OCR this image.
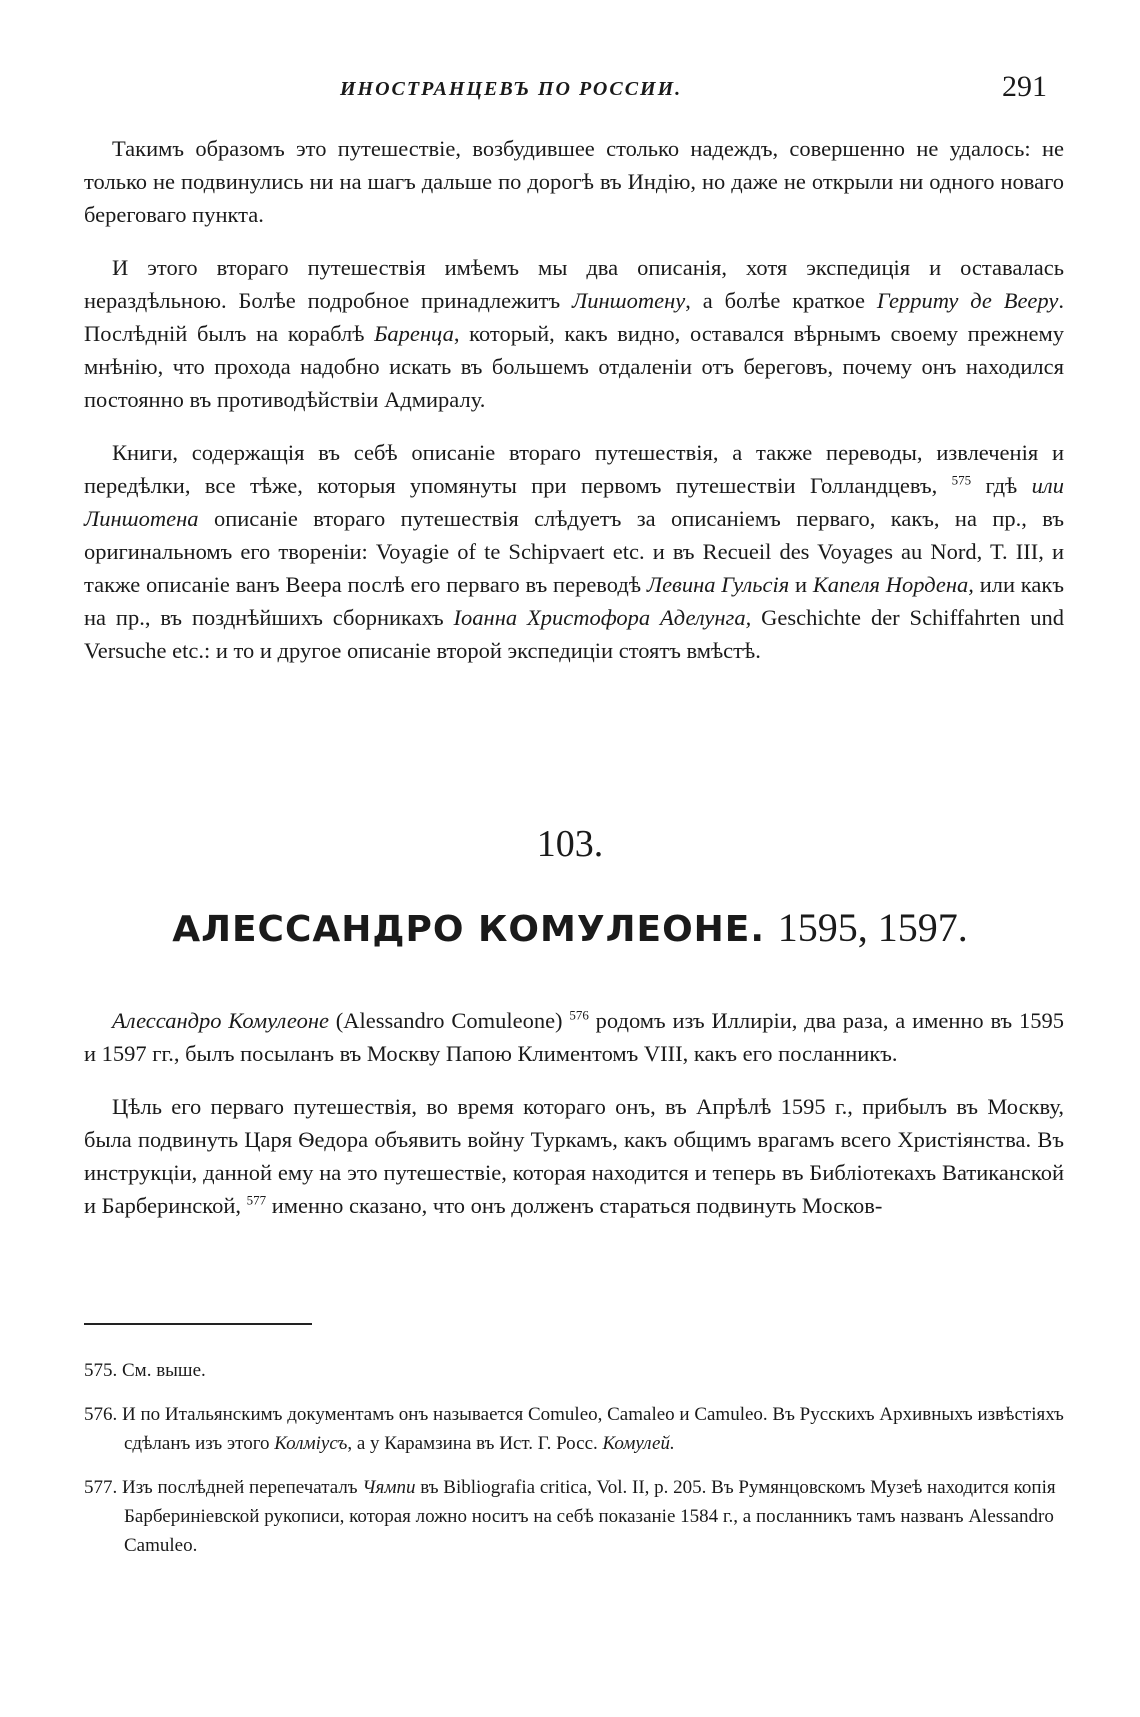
ИНОСТРАНЦЕВЪ ПО РОССИИ.	291

Такимъ образомъ это путешествіе, возбудившее столько надеждъ, совершенно не удалось: не только не подвинулись ни на шагъ дальше по дорогѣ въ Индію, но даже не открыли ни одного новаго береговаго пункта.

И этого втораго путешествія имѣемъ мы два описанія, хотя экспедиція и оставалась нераздѣльною. Болѣе подробное принадлежитъ Линшотену, а болѣе краткое Герриту де Вееру. Послѣдній былъ на кораблѣ Баренца, который, какъ видно, оставался вѣрнымъ своему прежнему мнѣнію, что прохода надобно искать въ большемъ отдаленіи отъ береговъ, почему онъ находился постоянно въ противодѣйствіи Адмиралу.

Книги, содержащія въ себѣ описаніе втораго путешествія, а также переводы, извлеченія и передѣлки, все тѣже, которыя упомянуты при первомъ путешествіи Голландцевъ, $^{575}$ гдѣ или Линшотена описаніе втораго путешествія слѣдуетъ за описаніемъ перваго, какъ, на пр., въ оригинальномъ его твореніи: Voyagie of te Schipvaert etc. и въ Recueil des Voyages au Nord, T. III, и также описаніе ванъ Веера послѣ его перваго въ переводѣ Левина Гульсія и Капеля Нордена, или какъ на пр., въ позднѣйшихъ сборникахъ Іоанна Христофора Аделунга, Geschichte der Schiffahrten und Versuche etc.: и то и другое описаніе второй экспедиціи стоятъ вмѣстѣ.

103.
АЛЕССАНДРО КОМУЛЕОНЕ. 1595, 1597.

Алессандро Комулеоне (Alessandro Comuleone) $^{576}$ родомъ изъ Иллиріи, два раза, а именно въ 1595 и 1597 гг., былъ посыланъ въ Москву Папою Климентомъ VIII, какъ его посланникъ.

Цѣль его перваго путешествія, во время котораго онъ, въ Апрѣлѣ 1595 г., прибылъ въ Москву, была подвинуть Царя Ѳедора объявить войну Туркамъ, какъ общимъ врагамъ всего Христіянства. Въ инструкціи, данной ему на это путешествіе, которая находится и теперь въ Библіотекахъ Ватиканской и Барберинской, $^{577}$ именно сказано, что онъ долженъ стараться подвинуть Москов-

575. См. выше.
576. И по Итальянскимъ документамъ онъ называется Comuleo, Camaleo и Camuleo. Въ Русскихъ Архивныхъ извѣстіяхъ сдѣланъ изъ этого Колміусъ, а у Карамзина въ Ист. Г. Росс. Комулей.
577. Изъ послѣдней перепечаталъ Чямпи въ Bibliografia critica, Vol. II, p. 205. Въ Румянцовскомъ Музеѣ находится копія Барберинiевской рукописи, которая ложно носитъ на себѣ показаніе 1584 г., а посланникъ тамъ названъ Alessandro Camuleo.
